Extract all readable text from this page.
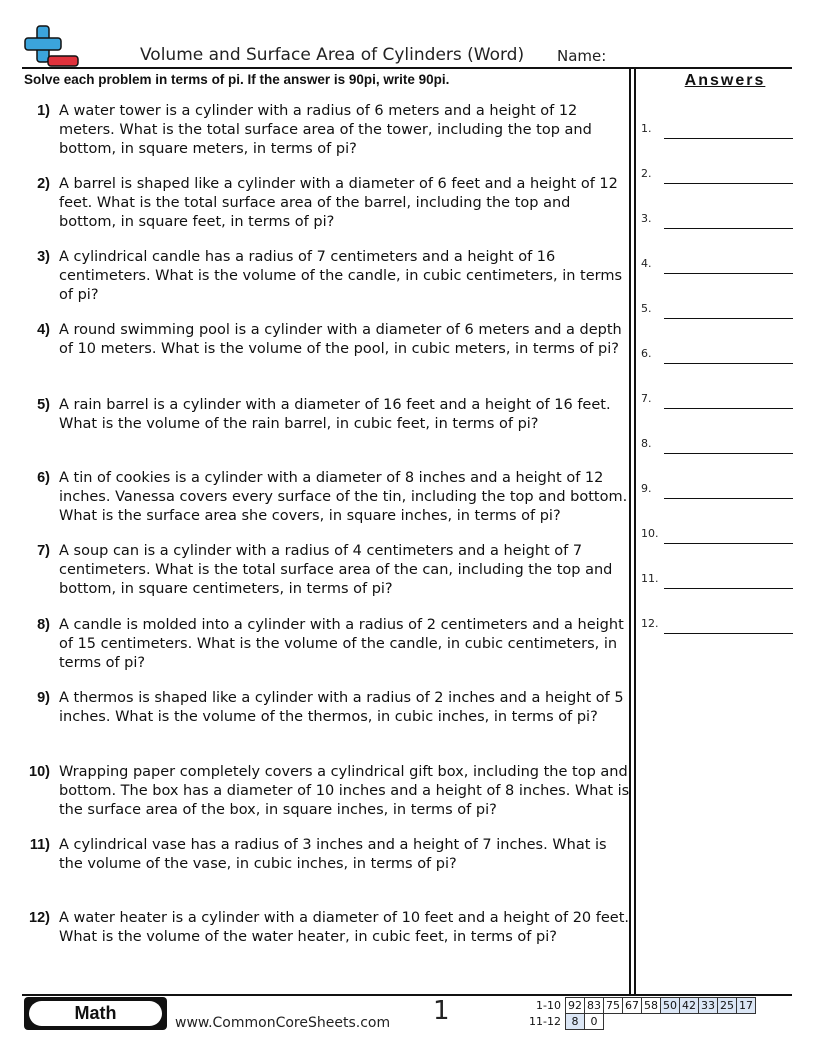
Volume and Surface Area of Cylinders (Word) Name:
Solve each problem in terms of pi. If the answer is 90pi, write 90pi.	Answers
1) A water tower is a cylinder with a radius of 6 meters and a height of 12 meters. What is the total surface area of the tower, including the top and bottom, in square meters, in terms of pi?
2) A barrel is shaped like a cylinder with a diameter of 6 feet and a height of 12 feet. What is the total surface area of the barrel, including the top and bottom, in square feet, in terms of pi?
3) A cylindrical candle has a radius of 7 centimeters and a height of 16 centimeters. What is the volume of the candle, in cubic centimeters, in terms of pi?
4) A round swimming pool is a cylinder with a diameter of 6 meters and a depth of 10 meters. What is the volume of the pool, in cubic meters, in terms of pi?
5) A rain barrel is a cylinder with a diameter of 16 feet and a height of 16 feet. What is the volume of the rain barrel, in cubic feet, in terms of pi?
6) A tin of cookies is a cylinder with a diameter of 8 inches and a height of 12 inches. Vanessa covers every surface of the tin, including the top and bottom. What is the surface area she covers, in square inches, in terms of pi?
7) A soup can is a cylinder with a radius of 4 centimeters and a height of 7 centimeters. What is the total surface area of the can, including the top and bottom, in square centimeters, in terms of pi?
8) A candle is molded into a cylinder with a radius of 2 centimeters and a height of 15 centimeters. What is the volume of the candle, in cubic centimeters, in terms of pi?
9) A thermos is shaped like a cylinder with a radius of 2 inches and a height of 5 inches. What is the volume of the thermos, in cubic inches, in terms of pi?
10) Wrapping paper completely covers a cylindrical gift box, including the top and bottom. The box has a diameter of 10 inches and a height of 8 inches. What is the surface area of the box, in square inches, in terms of pi?
11) A cylindrical vase has a radius of 3 inches and a height of 7 inches. What is the volume of the vase, in cubic inches, in terms of pi?
12) A water heater is a cylinder with a diameter of 10 feet and a height of 20 feet. What is the volume of the water heater, in cubic feet, in terms of pi?
1.
2.
3.
4.
5.
6.
7.
8.
9.
10.
11.
12.
Math	www.CommonCoreSheets.com 1	1-10	92	83	75	67	58	50	42	33	25	17
11-12	8	0								
